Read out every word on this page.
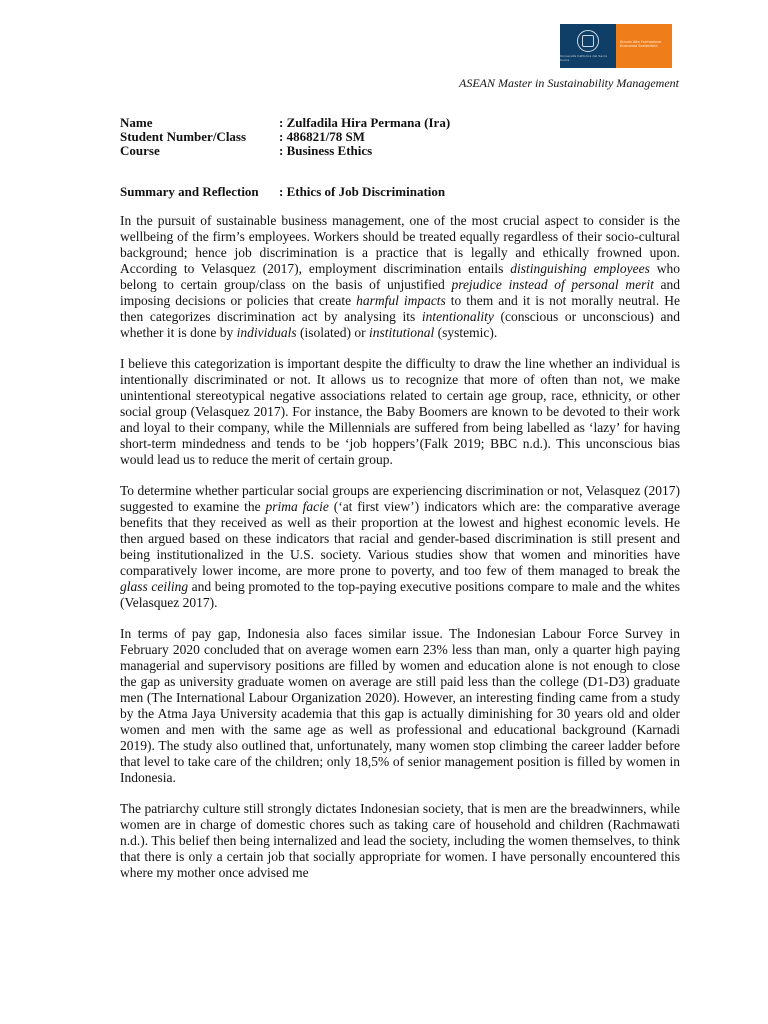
Università Cattolica del Sacro Cuore
Scuola Alta Formazione Economia Sostenibile
ASEAN Master in Sustainability Management
Name	: Zulfadila Hira Permana (Ira)
Student Number/Class	: 486821/78 SM
Course	: Business Ethics
Summary and Reflection	: Ethics of Job Discrimination

In the pursuit of sustainable business management, one of the most crucial aspect to consider is the wellbeing of the firm’s employees. Workers should be treated equally regardless of their socio-cultural background; hence job discrimination is a practice that is legally and ethically frowned upon. According to Velasquez (2017), employment discrimination entails distinguishing employees who belong to certain group/class on the basis of unjustified prejudice instead of personal merit and imposing decisions or policies that create harmful impacts to them and it is not morally neutral. He then categorizes discrimination act by analysing its intentionality (conscious or unconscious) and whether it is done by individuals (isolated) or institutional (systemic).

I believe this categorization is important despite the difficulty to draw the line whether an individual is intentionally discriminated or not. It allows us to recognize that more of often than not, we make unintentional stereotypical negative associations related to certain age group, race, ethnicity, or other social group (Velasquez 2017). For instance, the Baby Boomers are known to be devoted to their work and loyal to their company, while the Millennials are suffered from being labelled as ‘lazy’ for having short-term mindedness and tends to be ‘job hoppers’(Falk 2019; BBC n.d.). This unconscious bias would lead us to reduce the merit of certain group.

To determine whether particular social groups are experiencing discrimination or not, Velasquez (2017) suggested to examine the prima facie (‘at first view’) indicators which are: the comparative average benefits that they received as well as their proportion at the lowest and highest economic levels. He then argued based on these indicators that racial and gender-based discrimination is still present and being institutionalized in the U.S. society. Various studies show that women and minorities have comparatively lower income, are more prone to poverty, and too few of them managed to break the glass ceiling and being promoted to the top-paying executive positions compare to male and the whites (Velasquez 2017).

In terms of pay gap, Indonesia also faces similar issue. The Indonesian Labour Force Survey in February 2020 concluded that on average women earn 23% less than man, only a quarter high paying managerial and supervisory positions are filled by women and education alone is not enough to close the gap as university graduate women on average are still paid less than the college (D1-D3) graduate men (The International Labour Organization 2020). However, an interesting finding came from a study by the Atma Jaya University academia that this gap is actually diminishing for 30 years old and older women and men with the same age as well as professional and educational background (Karnadi 2019). The study also outlined that, unfortunately, many women stop climbing the career ladder before that level to take care of the children; only 18,5% of senior management position is filled by women in Indonesia.

The patriarchy culture still strongly dictates Indonesian society, that is men are the breadwinners, while women are in charge of domestic chores such as taking care of household and children (Rachmawati n.d.). This belief then being internalized and lead the society, including the women themselves, to think that there is only a certain job that socially appropriate for women. I have personally encountered this where my mother once advised me
